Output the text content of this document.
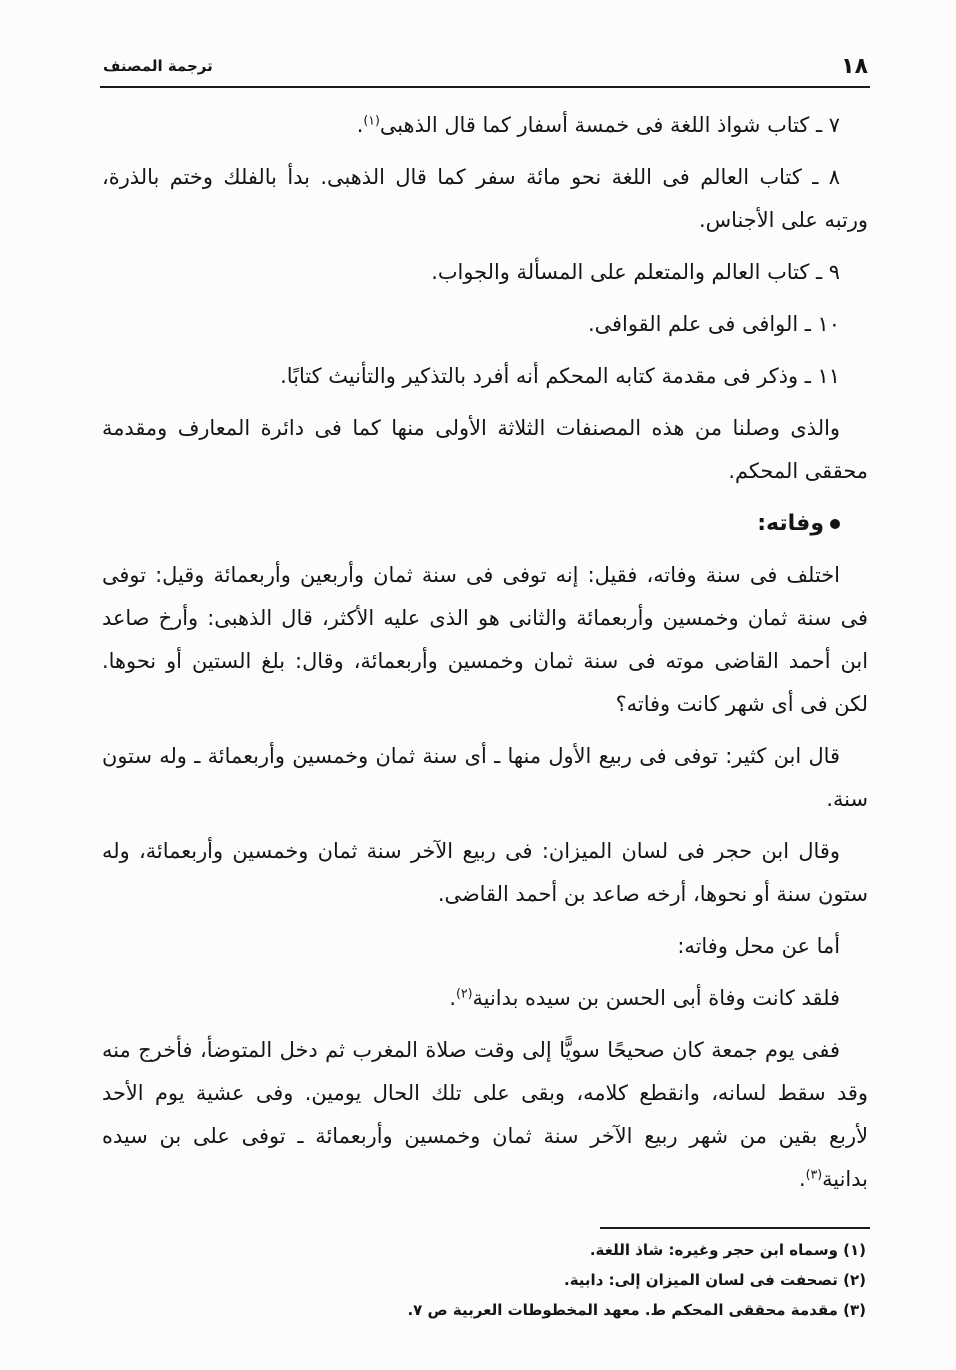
١٨
ترجمة المصنف
٧ ـ كتاب شواذ اللغة فى خمسة أسفار كما قال الذهبى$^{(١)}$.
٨ ـ كتاب العالم فى اللغة نحو مائة سفر كما قال الذهبى. بدأ بالفلك وختم بالذرة،
ورتبه على الأجناس.
٩ ـ كتاب العالم والمتعلم على المسألة والجواب.
١٠ ـ الوافى فى علم القوافى.
١١ ـ وذكر فى مقدمة كتابه المحكم أنه أفرد بالتذكير والتأنيث كتابًا.
والذى وصلنا من هذه المصنفات الثلاثة الأولى منها كما فى دائرة المعارف ومقدمة
محققى المحكم.
وفاته:
اختلف فى سنة وفاته، فقيل: إنه توفى فى سنة ثمان وأربعين وأربعمائة وقيل: توفى
فى سنة ثمان وخمسين وأربعمائة والثانى هو الذى عليه الأكثر، قال الذهبى: وأرخ صاعد
ابن أحمد القاضى موته فى سنة ثمان وخمسين وأربعمائة، وقال: بلغ الستين أو نحوها.
لكن فى أى شهر كانت وفاته؟
قال ابن كثير: توفى فى ربيع الأول منها ـ أى سنة ثمان وخمسين وأربعمائة ـ وله ستون
سنة.
وقال ابن حجر فى لسان الميزان: فى ربيع الآخر سنة ثمان وخمسين وأربعمائة، وله
ستون سنة أو نحوها، أرخه صاعد بن أحمد القاضى.
أما عن محل وفاته:
فلقد كانت وفاة أبى الحسن بن سيده بدانية$^{(٢)}$.
ففى يوم جمعة كان صحيحًا سويًّا إلى وقت صلاة المغرب ثم دخل المتوضأ، فأخرج منه
وقد سقط لسانه، وانقطع كلامه، وبقى على تلك الحال يومين. وفى عشية يوم الأحد
لأربع بقين من شهر ربيع الآخر سنة ثمان وخمسين وأربعمائة ـ توفى على بن سيده
بدانية$^{(٣)}$.
(١) وسماه ابن حجر وغيره: شاذ اللغة.
(٢) تصحفت فى لسان الميزان إلى: دابية.
(٣) مقدمة محققى المحكم ط. معهد المخطوطات العربية ص ٧.
